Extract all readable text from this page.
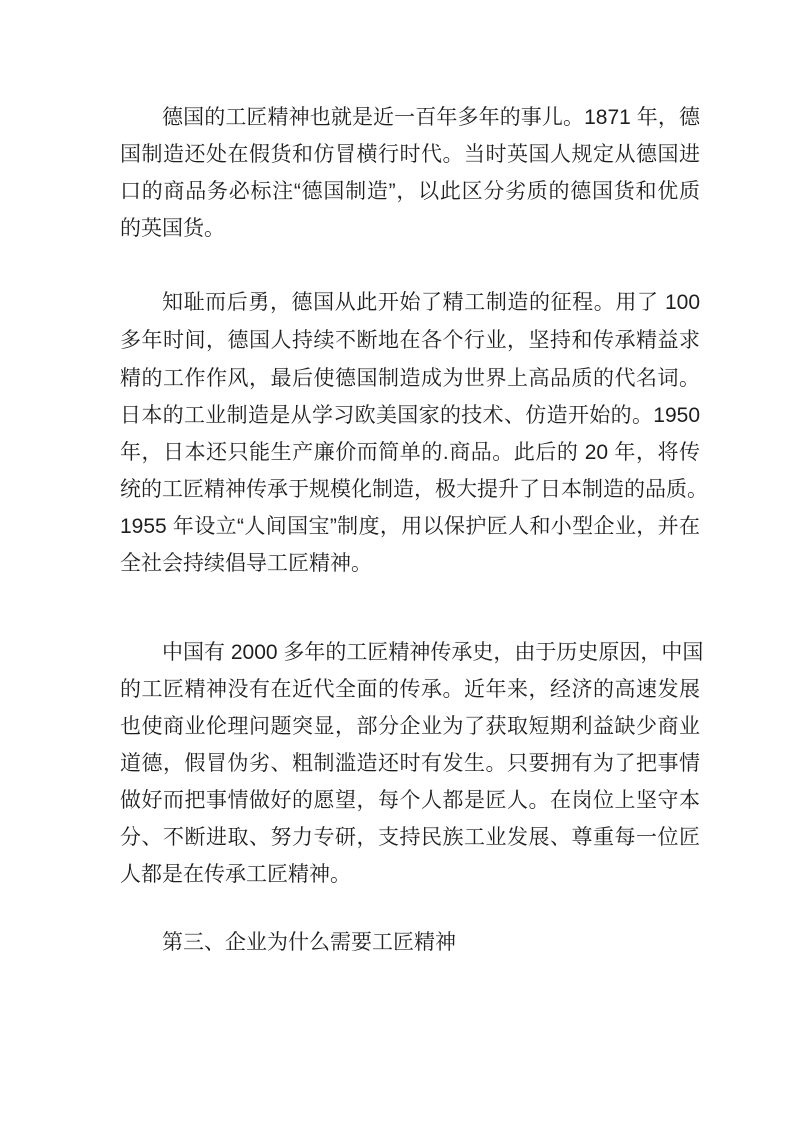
德国的工匠精神也就是近一百年多年的事儿。1871 年，德
国制造还处在假货和仿冒横行时代。当时英国人规定从德国进
口的商品务必标注“德国制造”，以此区分劣质的德国货和优质
的英国货。
知耻而后勇，德国从此开始了精工制造的征程。用了 100
多年时间，德国人持续不断地在各个行业，坚持和传承精益求
精的工作作风，最后使德国制造成为世界上高品质的代名词。
日本的工业制造是从学习欧美国家的技术、仿造开始的。1950
年，日本还只能生产廉价而简单的.商品。此后的 20 年，将传
统的工匠精神传承于规模化制造，极大提升了日本制造的品质。
1955 年设立“人间国宝”制度，用以保护匠人和小型企业，并在
全社会持续倡导工匠精神。
中国有 2000 多年的工匠精神传承史，由于历史原因，中国
的工匠精神没有在近代全面的传承。近年来，经济的高速发展
也使商业伦理问题突显，部分企业为了获取短期利益缺少商业
道德，假冒伪劣、粗制滥造还时有发生。只要拥有为了把事情
做好而把事情做好的愿望，每个人都是匠人。在岗位上坚守本
分、不断进取、努力专研，支持民族工业发展、尊重每一位匠
人都是在传承工匠精神。
第三、企业为什么需要工匠精神
